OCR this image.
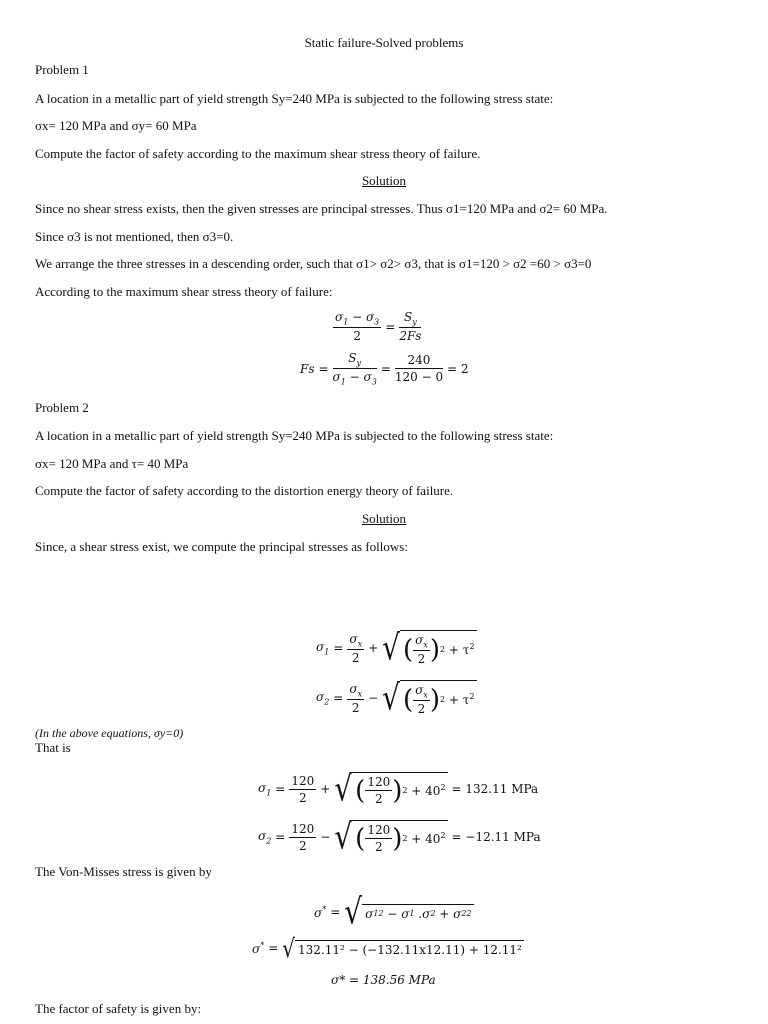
Static failure-Solved problems
Problem 1
A location in a metallic part of yield strength Sy=240 MPa is subjected to the following stress state:
σx= 120 MPa and σy= 60 MPa
Compute the factor of safety according to the maximum shear stress theory of failure.
Solution
Since no shear stress exists, then the given stresses are principal stresses. Thus σ1=120 MPa and σ2= 60 MPa.
Since σ3 is not mentioned, then σ3=0.
We arrange the three stresses in a descending order, such that σ1> σ2> σ3, that is σ1=120 > σ2 =60 > σ3=0
According to the maximum shear stress theory of failure:
$\frac{\sigma_1 - \sigma_3}{2} = \frac{S_y}{2Fs}$
$Fs = \frac{S_y}{\sigma_1 - \sigma_3} = \frac{240}{120 - 0} = 2$
Problem 2
A location in a metallic part of yield strength Sy=240 MPa is subjected to the following stress state:
σx= 120 MPa and τ= 40 MPa
Compute the factor of safety according to the distortion energy theory of failure.
Solution
Since, a shear stress exist, we compute the principal stresses as follows:
$\sigma_1 = \frac{\sigma_x}{2}$ + √ ( $\frac{\sigma_x}{2}$ ) $2 + \tau^2$
$\sigma_2 = \frac{\sigma_x}{2}$ − √ ( $\frac{\sigma_x}{2}$ ) $2 + \tau^2$
(In the above equations, σy=0)
That is
$\sigma_1 = \frac{120}{2}$ + √ ( $\frac{120}{2}$ ) $2 + 40^2 = 132.11$ MPa
$\sigma_2 = \frac{120}{2}$ − √ ( $\frac{120}{2}$ ) $2 + 40^2 = -12.11$ MPa
The Von-Misses stress is given by
σ* = √ σ 1 2
− σ 1 .σ 2
+ σ 2 2
σ* = √ 132.11² − (−132.11x12.11) + 12.11²
σ* = 138.56 MPa
The factor of safety is given by:
